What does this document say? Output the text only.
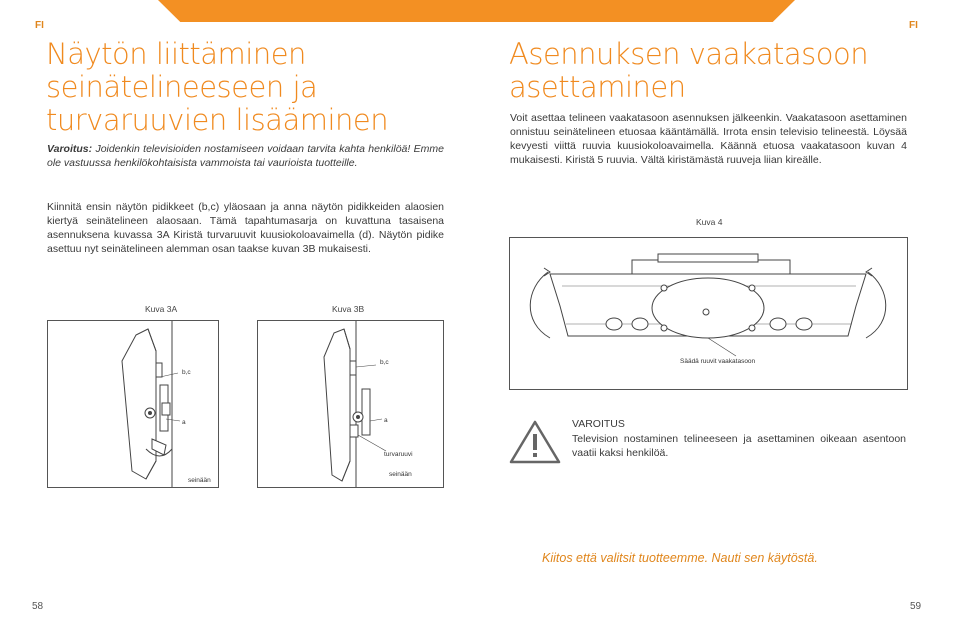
FI	FI
Näytön liittäminen
seinätelineeseen ja
turvaruuvien lisääminen

Varoitus: Joidenkin televisioiden nostamiseen voidaan tarvita kahta henkilöä! Emme ole vastuussa henkilökohtaisista vammoista tai vaurioista tuotteille.

Kiinnitä ensin näytön pidikkeet (b,c) yläosaan ja anna näytön pidikkeiden alaosien kiertyä seinätelineen alaosaan. Tämä tapahtumasarja on kuvattuna tasaisena asennuksena kuvassa 3A Kiristä turvaruuvit kuusiokoloavaimella (d). Näytön pidike asettuu nyt seinätelineen alemman osan taakse kuvan 3B mukaisesti.

Kuva 3A	Kuva 3B
b,c
a
seinään
b,c
a
turvaruuvi
seinään
58
Asennuksen vaakatasoon
asettaminen

Voit asettaa telineen vaakatasoon asennuksen jälkeenkin. Vaakatasoon asettaminen onnistuu seinätelineen etuosaa kääntämällä. Irrota ensin televisio telineestä. Löysää kevyesti viittä ruuvia kuusiokoloavaimella. Käännä etuosa vaakatasoon kuvan 4 mukaisesti. Kiristä 5 ruuvia. Vältä kiristämästä ruuveja liian kireälle.

Kuva 4
Säädä ruuvit vaakatasoon
VAROITUS

Television nostaminen telineeseen ja asettaminen oikeaan asentoon vaatii kaksi henkilöä.

Kiitos että valitsit tuotteemme. Nauti sen käytöstä.
59
